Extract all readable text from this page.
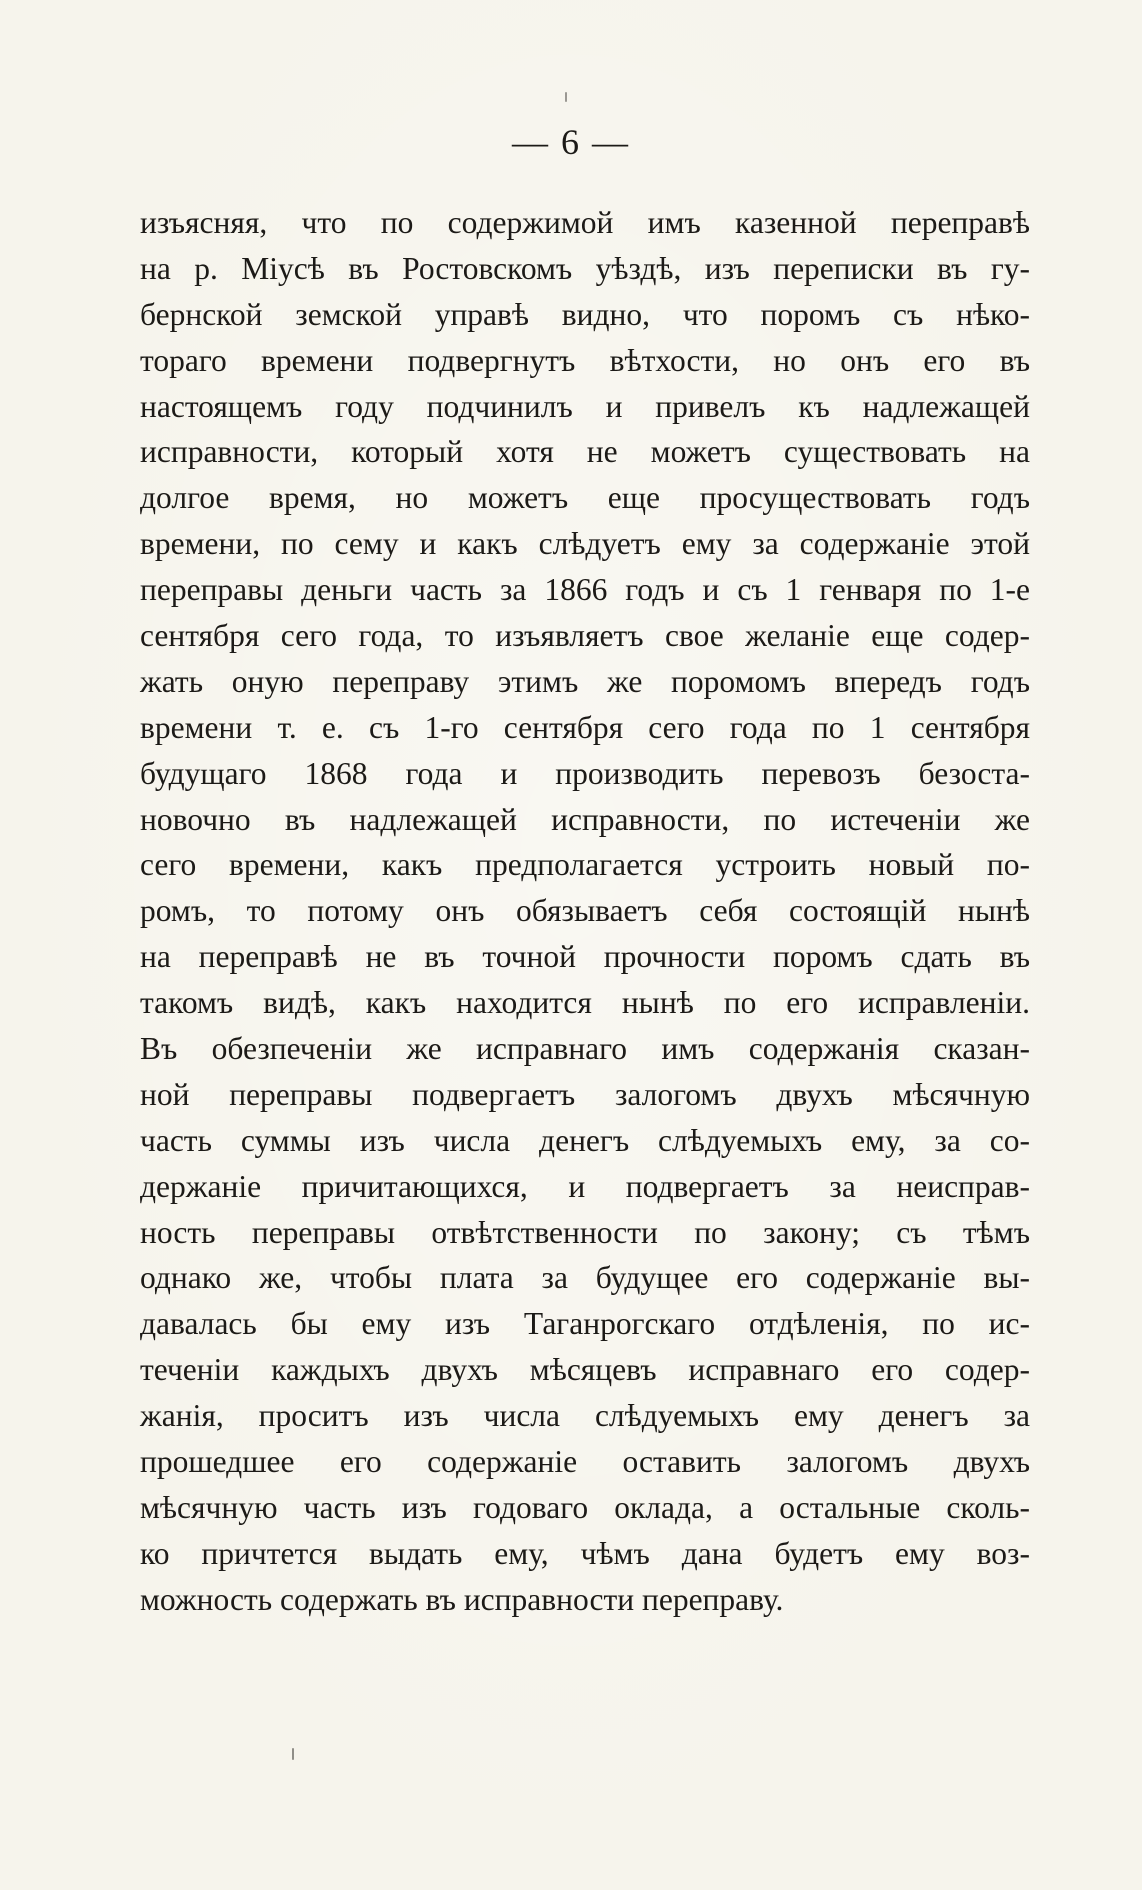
— 6 —
изъясняя, что по содержимой имъ казенной переправѣ
на р. Міусѣ въ Ростовскомъ уѣздѣ, изъ переписки въ гу-
бернской земской управѣ видно, что поромъ съ нѣко-
тораго времени подвергнутъ вѣтхости, но онъ его въ
настоящемъ году подчинилъ и привелъ къ надлежащей
исправности, который хотя не можетъ существовать на
долгое время, но можетъ еще просуществовать годъ
времени, по сему и какъ слѣдуетъ ему за содержаніе этой
переправы деньги часть за 1866 годъ и съ 1 генваря по 1-е
сентября сего года, то изъявляетъ свое желаніе еще содер-
жать оную переправу этимъ же поромомъ впередъ годъ
времени т. е. съ 1-го сентября сего года по 1 сентября
будущаго 1868 года и производить перевозъ безоста-
новочно въ надлежащей исправности, по истеченіи же
сего времени, какъ предполагается устроить новый по-
ромъ, то потому онъ обязываетъ себя состоящій нынѣ
на переправѣ не въ точной прочности поромъ сдать въ
такомъ видѣ, какъ находится нынѣ по его исправленіи.
Въ обезпеченіи же исправнаго имъ содержанія сказан-
ной переправы подвергаетъ залогомъ двухъ мѣсячную
часть суммы изъ числа денегъ слѣдуемыхъ ему, за со-
держаніе причитающихся, и подвергаетъ за неисправ-
ность переправы отвѣтственности по закону; съ тѣмъ
однако же, чтобы плата за будущее его содержаніе вы-
давалась бы ему изъ Таганрогскаго отдѣленія, по ис-
теченіи каждыхъ двухъ мѣсяцевъ исправнаго его содер-
жанія, проситъ изъ числа слѣдуемыхъ ему денегъ за
прошедшее его содержаніе оставить залогомъ двухъ
мѣсячную часть изъ годоваго оклада, а остальные сколь-
ко причтется выдать ему, чѣмъ дана будетъ ему воз-
можность содержать въ исправности переправу.
